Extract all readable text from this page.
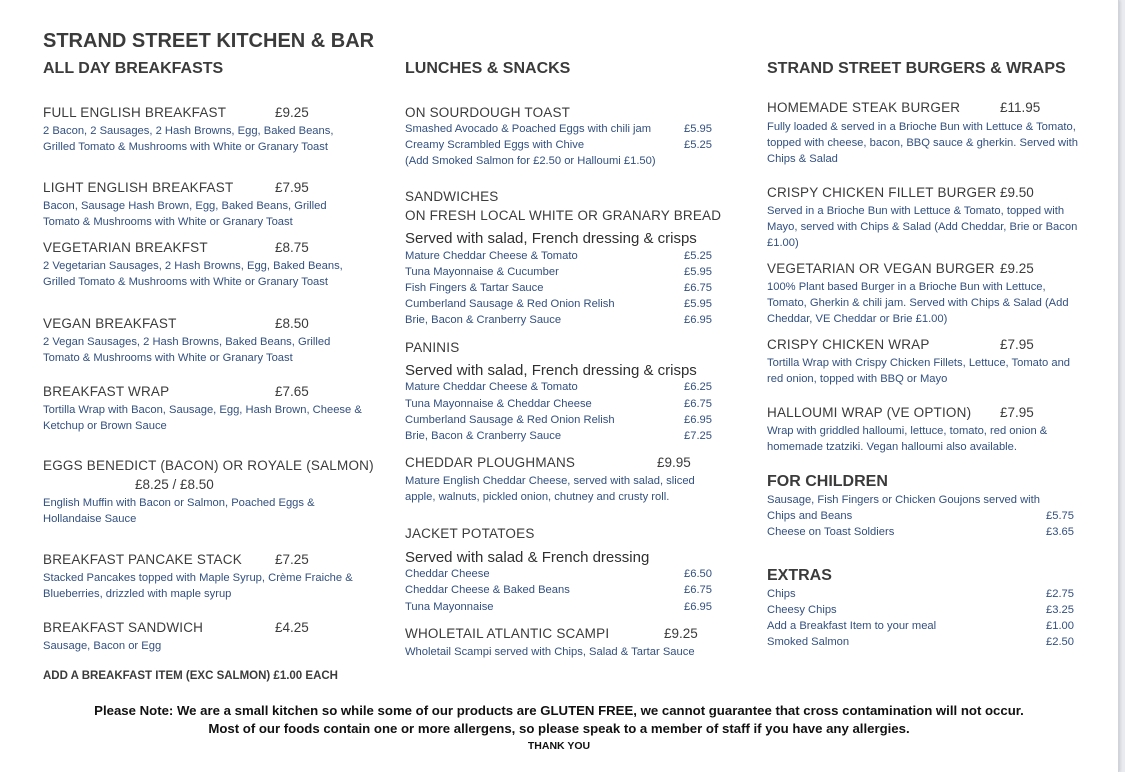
STRAND STREET KITCHEN & BAR
ALL DAY BREAKFASTS
FULL ENGLISH BREAKFAST	£9.25
2 Bacon, 2 Sausages, 2 Hash Browns, Egg, Baked Beans, Grilled Tomato & Mushrooms with White or Granary Toast
LIGHT ENGLISH BREAKFAST	£7.95
Bacon, Sausage Hash Brown, Egg, Baked Beans, Grilled Tomato & Mushrooms with White or Granary Toast
VEGETARIAN BREAKFST	£8.75
2 Vegetarian Sausages, 2 Hash Browns, Egg, Baked Beans, Grilled Tomato & Mushrooms with White or Granary Toast
VEGAN BREAKFAST	£8.50
2 Vegan Sausages, 2 Hash Browns, Baked Beans, Grilled Tomato & Mushrooms with White or Granary Toast
BREAKFAST WRAP	£7.65
Tortilla Wrap with Bacon, Sausage, Egg, Hash Brown, Cheese & Ketchup or Brown Sauce
EGGS BENEDICT (BACON) OR ROYALE (SALMON)
£8.25 / £8.50
English Muffin with Bacon or Salmon, Poached Eggs & Hollandaise Sauce
BREAKFAST PANCAKE STACK £7.25
Stacked Pancakes topped with Maple Syrup, Crème Fraiche & Blueberries, drizzled with maple syrup
BREAKFAST SANDWICH	£4.25
Sausage, Bacon or Egg
ADD A BREAKFAST ITEM (EXC SALMON) £1.00 EACH
LUNCHES & SNACKS
ON SOURDOUGH TOAST
Smashed Avocado & Poached Eggs with chili jam	£5.95
Creamy Scrambled Eggs with Chive	£5.25
(Add Smoked Salmon for £2.50 or Halloumi £1.50)
SANDWICHES
ON FRESH LOCAL WHITE OR GRANARY BREAD
Served with salad, French dressing & crisps
Mature Cheddar Cheese & Tomato	£5.25
Tuna Mayonnaise & Cucumber	£5.95
Fish Fingers & Tartar Sauce	£6.75
Cumberland Sausage & Red Onion Relish	£5.95
Brie, Bacon & Cranberry Sauce	£6.95
PANINIS
Served with salad, French dressing & crisps
Mature Cheddar Cheese & Tomato	£6.25
Tuna Mayonnaise & Cheddar Cheese	£6.75
Cumberland Sausage & Red Onion Relish	£6.95
Brie, Bacon & Cranberry Sauce	£7.25
CHEDDAR PLOUGHMANS	£9.95
Mature English Cheddar Cheese, served with salad, sliced apple, walnuts, pickled onion, chutney and crusty roll.
JACKET POTATOES
Served with salad & French dressing
Cheddar Cheese	£6.50
Cheddar Cheese & Baked Beans	£6.75
Tuna Mayonnaise	£6.95
WHOLETAIL ATLANTIC SCAMPI	£9.25
Wholetail Scampi served with Chips, Salad & Tartar Sauce
STRAND STREET BURGERS & WRAPS
HOMEMADE STEAK BURGER	£11.95
Fully loaded & served in a Brioche Bun with Lettuce & Tomato, topped with cheese, bacon, BBQ sauce & gherkin. Served with Chips & Salad
CRISPY CHICKEN FILLET BURGER £9.50
Served in a Brioche Bun with Lettuce & Tomato, topped with Mayo, served with Chips & Salad (Add Cheddar, Brie or Bacon £1.00)
VEGETARIAN OR VEGAN BURGER £9.25
100% Plant based Burger in a Brioche Bun with Lettuce, Tomato, Gherkin & chili jam. Served with Chips & Salad (Add Cheddar, VE Cheddar or Brie £1.00)
CRISPY CHICKEN WRAP	£7.95
Tortilla Wrap with Crispy Chicken Fillets, Lettuce, Tomato and red onion, topped with BBQ or Mayo
HALLOUMI WRAP (VE OPTION) £7.95
Wrap with griddled halloumi, lettuce, tomato, red onion & homemade tzatziki. Vegan halloumi also available.
FOR CHILDREN
Sausage, Fish Fingers or Chicken Goujons served with
Chips and Beans	£5.75
Cheese on Toast Soldiers	£3.65
EXTRAS
Chips	£2.75
Cheesy Chips	£3.25
Add a Breakfast Item to your meal	£1.00
Smoked Salmon	£2.50
Please Note: We are a small kitchen so while some of our products are GLUTEN FREE, we cannot guarantee that cross contamination will not occur.
Most of our foods contain one or more allergens, so please speak to a member of staff if you have any allergies.
THANK YOU
